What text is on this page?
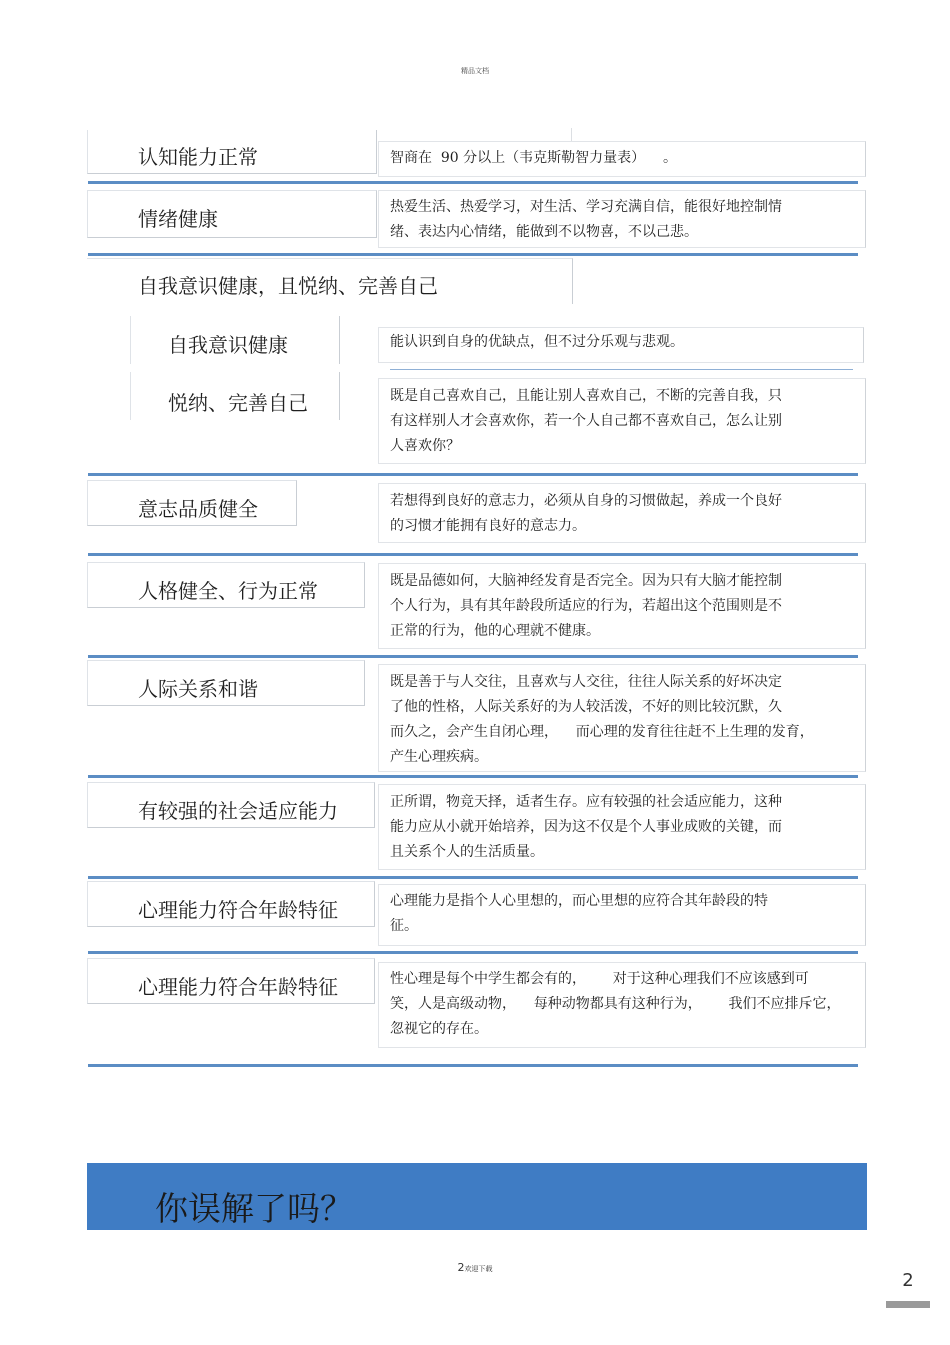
精品文档
认知能力正常	智商在  90 分以上（韦克斯勒智力量表）    。
情绪健康	热爱生活、热爱学习，对生活、学习充满自信，能很好地控制情
绪、表达内心情绪，能做到不以物喜，不以己悲。
自我意识健康，且悦纳、完善自己
自我意识健康	能认识到自身的优缺点，但不过分乐观与悲观。
悦纳、完善自己	既是自己喜欢自己，且能让别人喜欢自己，不断的完善自我，只
有这样别人才会喜欢你，若一个人自己都不喜欢自己，怎么让别
人喜欢你？
意志品质健全	若想得到良好的意志力，必须从自身的习惯做起，养成一个良好
的习惯才能拥有良好的意志力。
人格健全、行为正常	既是品德如何，大脑神经发育是否完全。因为只有大脑才能控制
个人行为，具有其年龄段所适应的行为，若超出这个范围则是不
正常的行为，他的心理就不健康。
人际关系和谐	既是善于与人交往，且喜欢与人交往，往往人际关系的好坏决定
了他的性格，人际关系好的为人较活泼，不好的则比较沉默，久
而久之，会产生自闭心理，    而心理的发育往往赶不上生理的发育，
产生心理疾病。
有较强的社会适应能力	正所谓，物竞天择，适者生存。应有较强的社会适应能力，这种
能力应从小就开始培养，因为这不仅是个人事业成败的关键，而
且关系个人的生活质量。
心理能力符合年龄特征	心理能力是指个人心里想的，而心里想的应符合其年龄段的特
征。
心理能力符合年龄特征	性心理是每个中学生都会有的，      对于这种心理我们不应该感到可
笑，人是高级动物，    每种动物都具有这种行为，      我们不应排斥它，
忽视它的存在。
你误解了吗？
2欢迎下载
2
